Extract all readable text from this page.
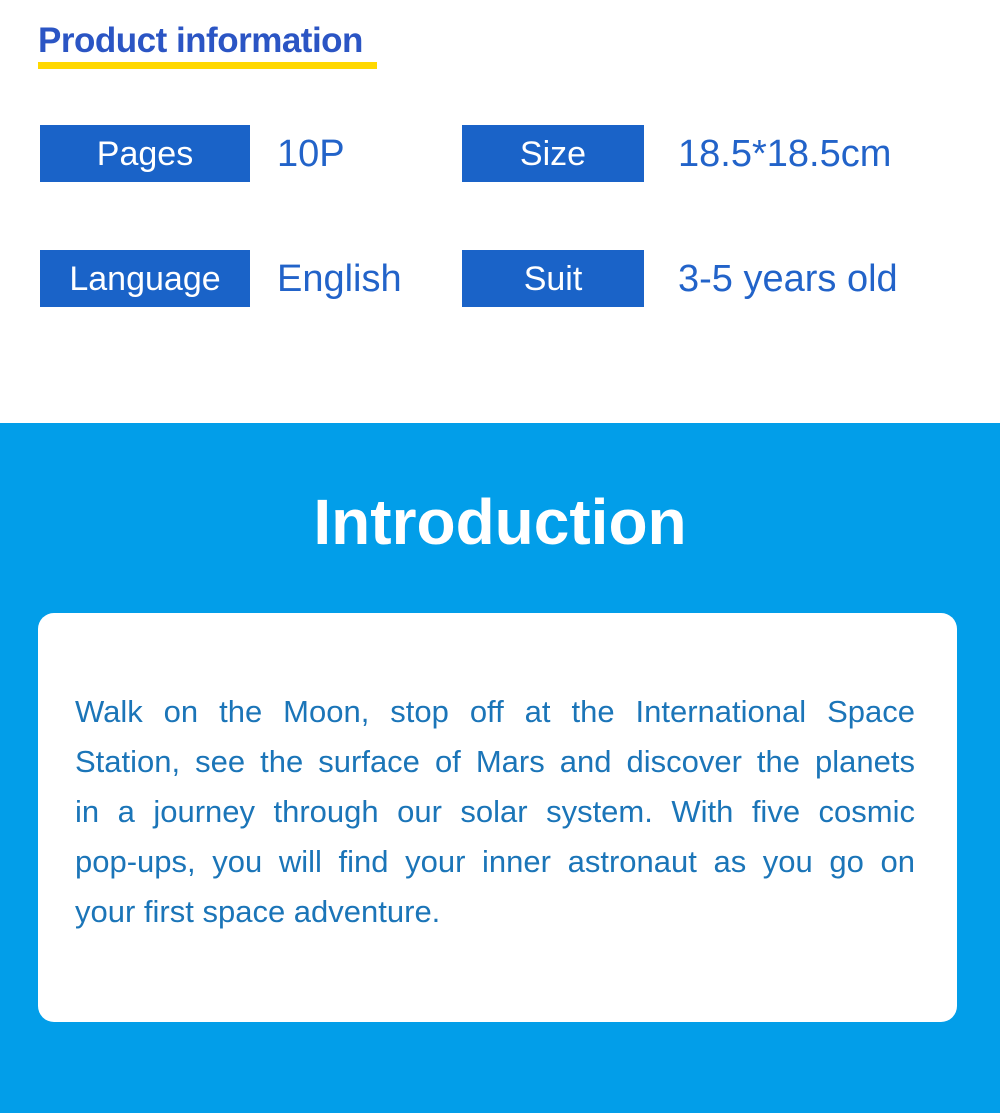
Product information
Pages	10P	Size	18.5*18.5cm
Language	English	Suit	3-5 years old
Introduction
Walk on the Moon, stop off at the International Space
Station, see the surface of Mars and discover the planets
in a journey through our solar system. With five cosmic
pop-ups, you will find your inner astronaut as you go on
your first space adventure.
